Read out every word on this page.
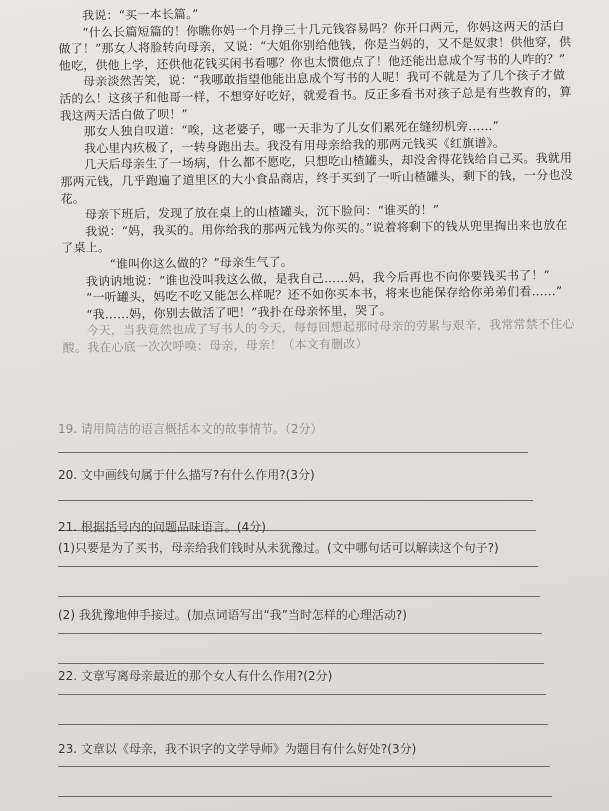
我说：“买一本长篇。”

“什么长篇短篇的！你瞧你妈一个月挣三十几元钱容易吗？你开口两元，你妈这两天的活白做了！”那女人将脸转向母亲，又说：“大姐你别给他钱，你是当妈的，又不是奴隶！供他穿，供他吃，供他上学，还供他花钱买闲书看哪？你也太惯他点了！他还能出息成个写书的人咋的？”

母亲淡然苦笑，说：“我哪敢指望他能出息成个写书的人呢！我可不就是为了几个孩子才做活的么！这孩子和他哥一样，不想穿好吃好，就爱看书。反正多看书对孩子总是有些教育的，算我这两天活白做了呗！”

那女人独自叹道：“唉，这老婆子，哪一天非为了儿女们累死在缝纫机旁……”

我心里内疚极了，一转身跑出去。我没有用母亲给我的那两元钱买《红旗谱》。

几天后母亲生了一场病，什么都不愿吃，只想吃山楂罐头，却没舍得花钱给自己买。我就用那两元钱，几乎跑遍了道里区的大小食品商店，终于买到了一听山楂罐头，剩下的钱，一分也没花。

母亲下班后，发现了放在桌上的山楂罐头，沉下脸问：“谁买的！”

我说：“妈，我买的。用你给我的那两元钱为你买的。”说着将剩下的钱从兜里掏出来也放在了桌上。

“谁叫你这么做的？”母亲生气了。

我讷讷地说：“谁也没叫我这么做，是我自己……妈，我今后再也不向你要钱买书了！”

“一听罐头，妈吃不吃又能怎么样呢？还不如你买本书，将来也能保存给你弟弟们看……”

“我……妈，你别去做活了吧！”我扑在母亲怀里，哭了。

今天，当我竟然也成了写书人的今天，每每回想起那时母亲的劳累与艰辛，我常常禁不住心酸。我在心底一次次呼唤：母亲，母亲！（本文有删改）

19. 请用简洁的语言概括本文的故事情节。（2分）
20. 文中画线句属于什么描写?有什么作用?(3分)
21. 根据括号内的问题品味语言。(4分)
(1)只要是为了买书，母亲给我们钱时从未犹豫过。(文中哪句话可以解读这个句子?)
(2) 我犹豫地伸手接过。(加点词语写出“我”当时怎样的心理活动?)
22. 文章写离母亲最近的那个女人有什么作用?(2分)
23. 文章以《母亲，我不识字的文学导师》为题目有什么好处?(3分)
